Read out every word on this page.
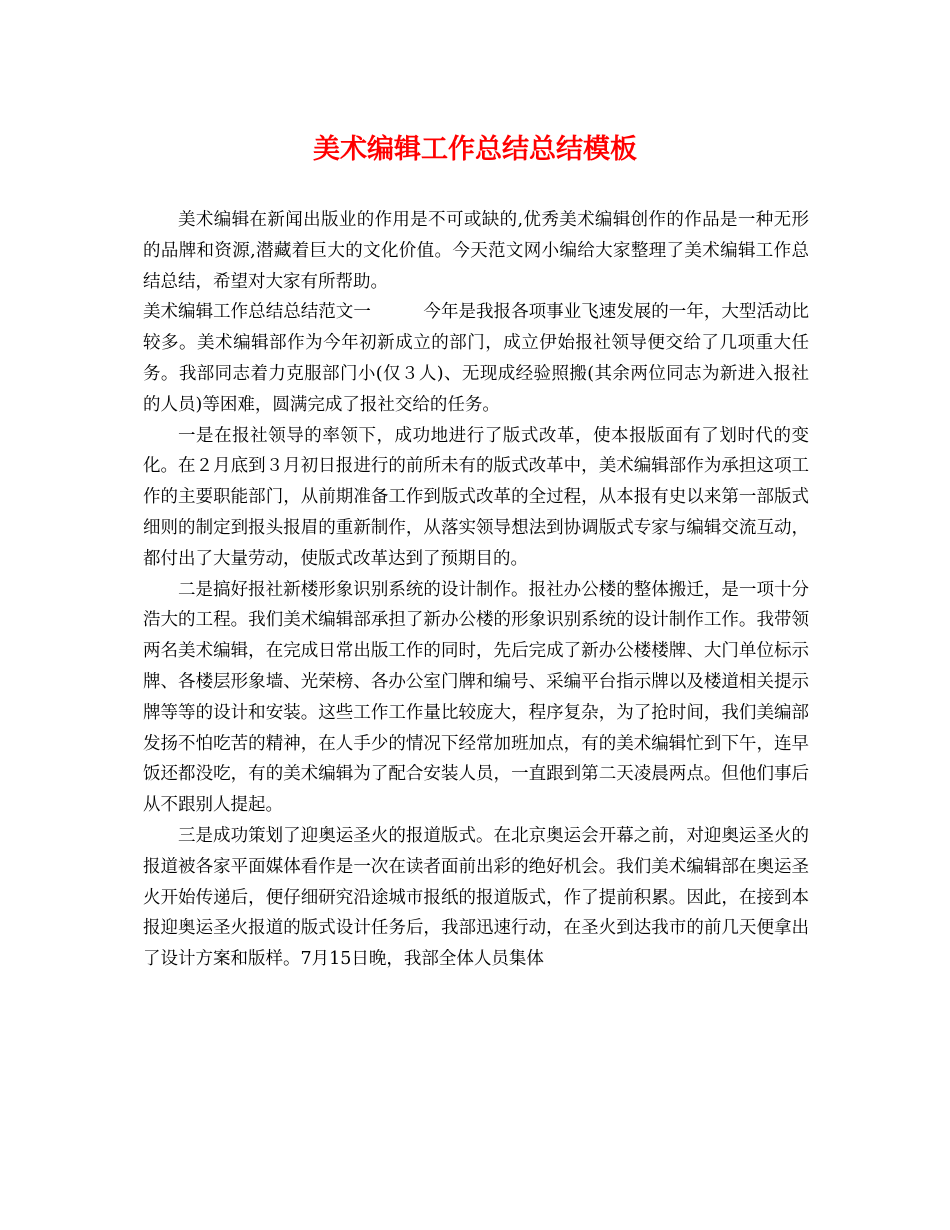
美术编辑工作总结总结模板

美术编辑在新闻出版业的作用是不可或缺的,优秀美术编辑创作的作品是一种无形的品牌和资源,潜藏着巨大的文化价值。今天范文网小编给大家整理了美术编辑工作总结总结，希望对大家有所帮助。

美术编辑工作总结总结范文一　　　今年是我报各项事业飞速发展的一年，大型活动比较多。美术编辑部作为今年初新成立的部门，成立伊始报社领导便交给了几项重大任务。我部同志着力克服部门小(仅３人)、无现成经验照搬(其余两位同志为新进入报社的人员)等困难，圆满完成了报社交给的任务。

一是在报社领导的率领下，成功地进行了版式改革，使本报版面有了划时代的变化。在２月底到３月初日报进行的前所未有的版式改革中，美术编辑部作为承担这项工作的主要职能部门，从前期准备工作到版式改革的全过程，从本报有史以来第一部版式细则的制定到报头报眉的重新制作，从落实领导想法到协调版式专家与编辑交流互动，都付出了大量劳动，使版式改革达到了预期目的。

二是搞好报社新楼形象识别系统的设计制作。报社办公楼的整体搬迁，是一项十分浩大的工程。我们美术编辑部承担了新办公楼的形象识别系统的设计制作工作。我带领两名美术编辑，在完成日常出版工作的同时，先后完成了新办公楼楼牌、大门单位标示牌、各楼层形象墙、光荣榜、各办公室门牌和编号、采编平台指示牌以及楼道相关提示牌等等的设计和安装。这些工作工作量比较庞大，程序复杂，为了抢时间，我们美编部发扬不怕吃苦的精神，在人手少的情况下经常加班加点，有的美术编辑忙到下午，连早饭还都没吃，有的美术编辑为了配合安装人员，一直跟到第二天凌晨两点。但他们事后从不跟别人提起。

三是成功策划了迎奥运圣火的报道版式。在北京奥运会开幕之前，对迎奥运圣火的报道被各家平面媒体看作是一次在读者面前出彩的绝好机会。我们美术编辑部在奥运圣火开始传递后，便仔细研究沿途城市报纸的报道版式，作了提前积累。因此，在接到本报迎奥运圣火报道的版式设计任务后，我部迅速行动，在圣火到达我市的前几天便拿出了设计方案和版样。7月15日晚，我部全体人员集体
